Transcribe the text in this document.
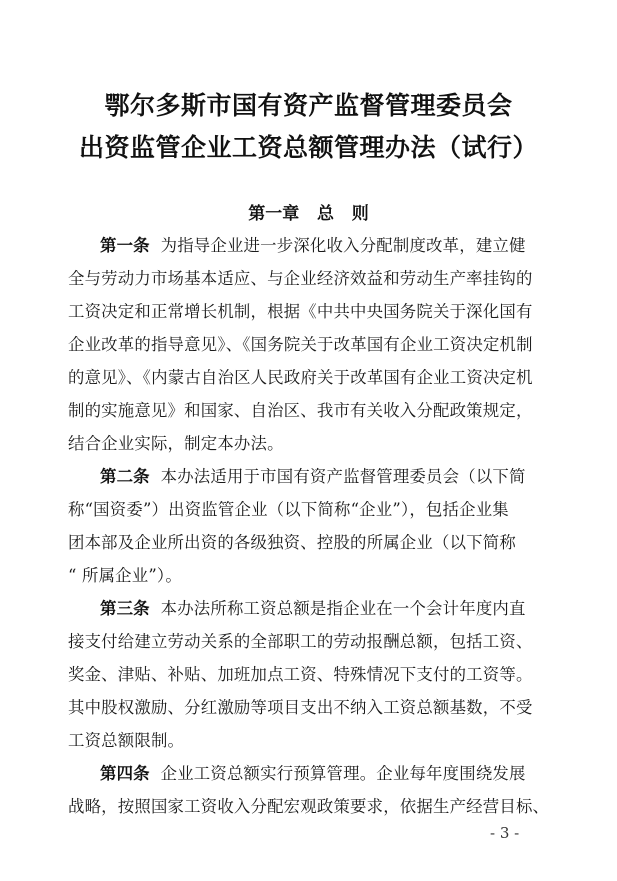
鄂尔多斯市国有资产监督管理委员会
出资监管企业工资总额管理办法（试行）
第一章   总   则
第一条 为指导企业进一步深化收入分配制度改革，建立健
全与劳动力市场基本适应、与企业经济效益和劳动生产率挂钩的
工资决定和正常增长机制，根据《中共中央国务院关于深化国有
企业改革的指导意见》、《国务院关于改革国有企业工资决定机制
的意见》、《内蒙古自治区人民政府关于改革国有企业工资决定机
制的实施意见》和国家、自治区、我市有关收入分配政策规定，
结合企业实际，制定本办法。
第二条 本办法适用于市国有资产监督管理委员会（以下简
称“国资委”）出资监管企业（以下简称“企业”），包括企业集
团本部及企业所出资的各级独资、控股的所属企业（以下简称
“ 所属企业”）。
第三条 本办法所称工资总额是指企业在一个会计年度内直
接支付给建立劳动关系的全部职工的劳动报酬总额，包括工资、
奖金、津贴、补贴、加班加点工资、特殊情况下支付的工资等。
其中股权激励、分红激励等项目支出不纳入工资总额基数，不受
工资总额限制。
第四条 企业工资总额实行预算管理。企业每年度围绕发展
战略，按照国家工资收入分配宏观政策要求，依据生产经营目标、
- 3 -
